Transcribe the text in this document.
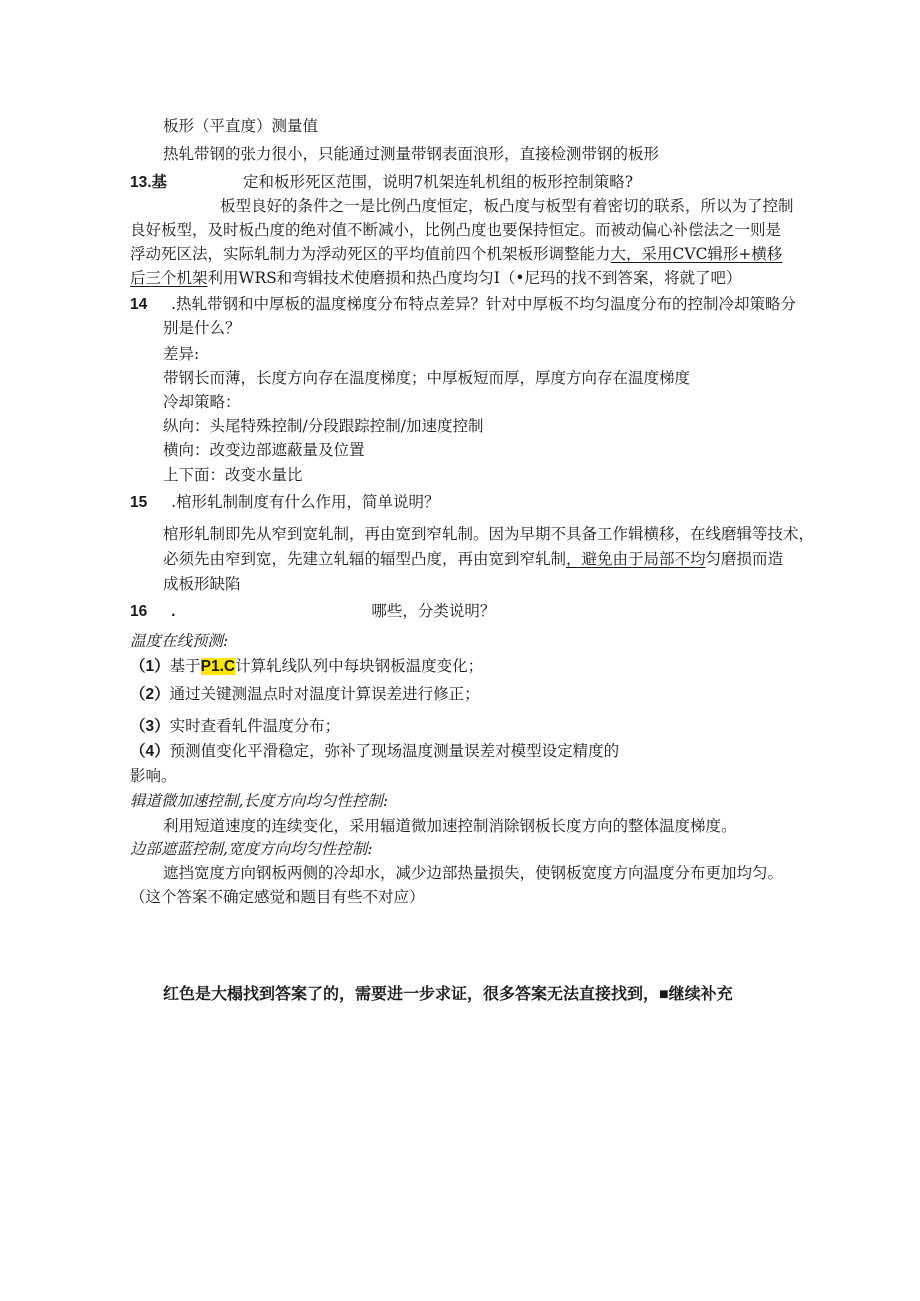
板形（平直度）测量值
热轧带钢的张力很小，只能通过测量带钢表面浪形，直接检测带钢的板形
13.基	定和板形死区范围，说明7机架连轧机组的板形控制策略?
板型良好的条件之一是比例凸度恒定，板凸度与板型有着密切的联系，所以为了控制
良好板型，及时板凸度的绝对值不断减小，比例凸度也要保持恒定。而被动偏心补偿法之一则是
浮动死区法，实际轧制力为浮动死区的平均值前四个机架板形调整能力大，采用CVC辑形+横移
后三个机架利用WRS和弯辑技术使磨损和热凸度均匀I（•尼玛的找不到答案，将就了吧）
14 .热轧带钢和中厚板的温度梯度分布特点差异？针对中厚板不均匀温度分布的控制冷却策略分
别是什么？
差异:
带钢长而薄，长度方向存在温度梯度；中厚板短而厚，厚度方向存在温度梯度
冷却策略：
纵向：头尾特殊控制/分段跟踪控制/加速度控制
横向：改变边部遮蔽量及位置
上下面：改变水量比
15 .棺形轧制制度有什么作用，简单说明？
棺形轧制即先从窄到宽轧制，再由宽到窄轧制。因为早期不具备工作辑横移，在线磨辑等技术，
必须先由窄到宽，先建立轧辐的辐型凸度，再由宽到窄轧制，避免由于局部不均匀磨损而造
成板形缺陷
16 .	哪些，分类说明？
温度在线预测:
（1）基于P1.C计算轧线队列中每块钢板温度变化；
（2）通过关键测温点时对温度计算误差进行修正；
（3）实时查看轧件温度分布；
（4）预测值变化平滑稳定，弥补了现场温度测量误差对模型设定精度的
影响。
辑道微加速控制,长度方向均匀性控制:
利用短道速度的连续变化，采用辐道微加速控制消除钢板长度方向的整体温度梯度。
边部遮蓝控制,宽度方向均匀性控制:
遮挡宽度方向钢板两侧的冷却水，减少边部热量损失，使钢板宽度方向温度分布更加均匀。
（这个答案不确定感觉和题目有些不对应）
红色是大榻找到答案了的，需要进一步求证，很多答案无法直接找到，■继续补充
